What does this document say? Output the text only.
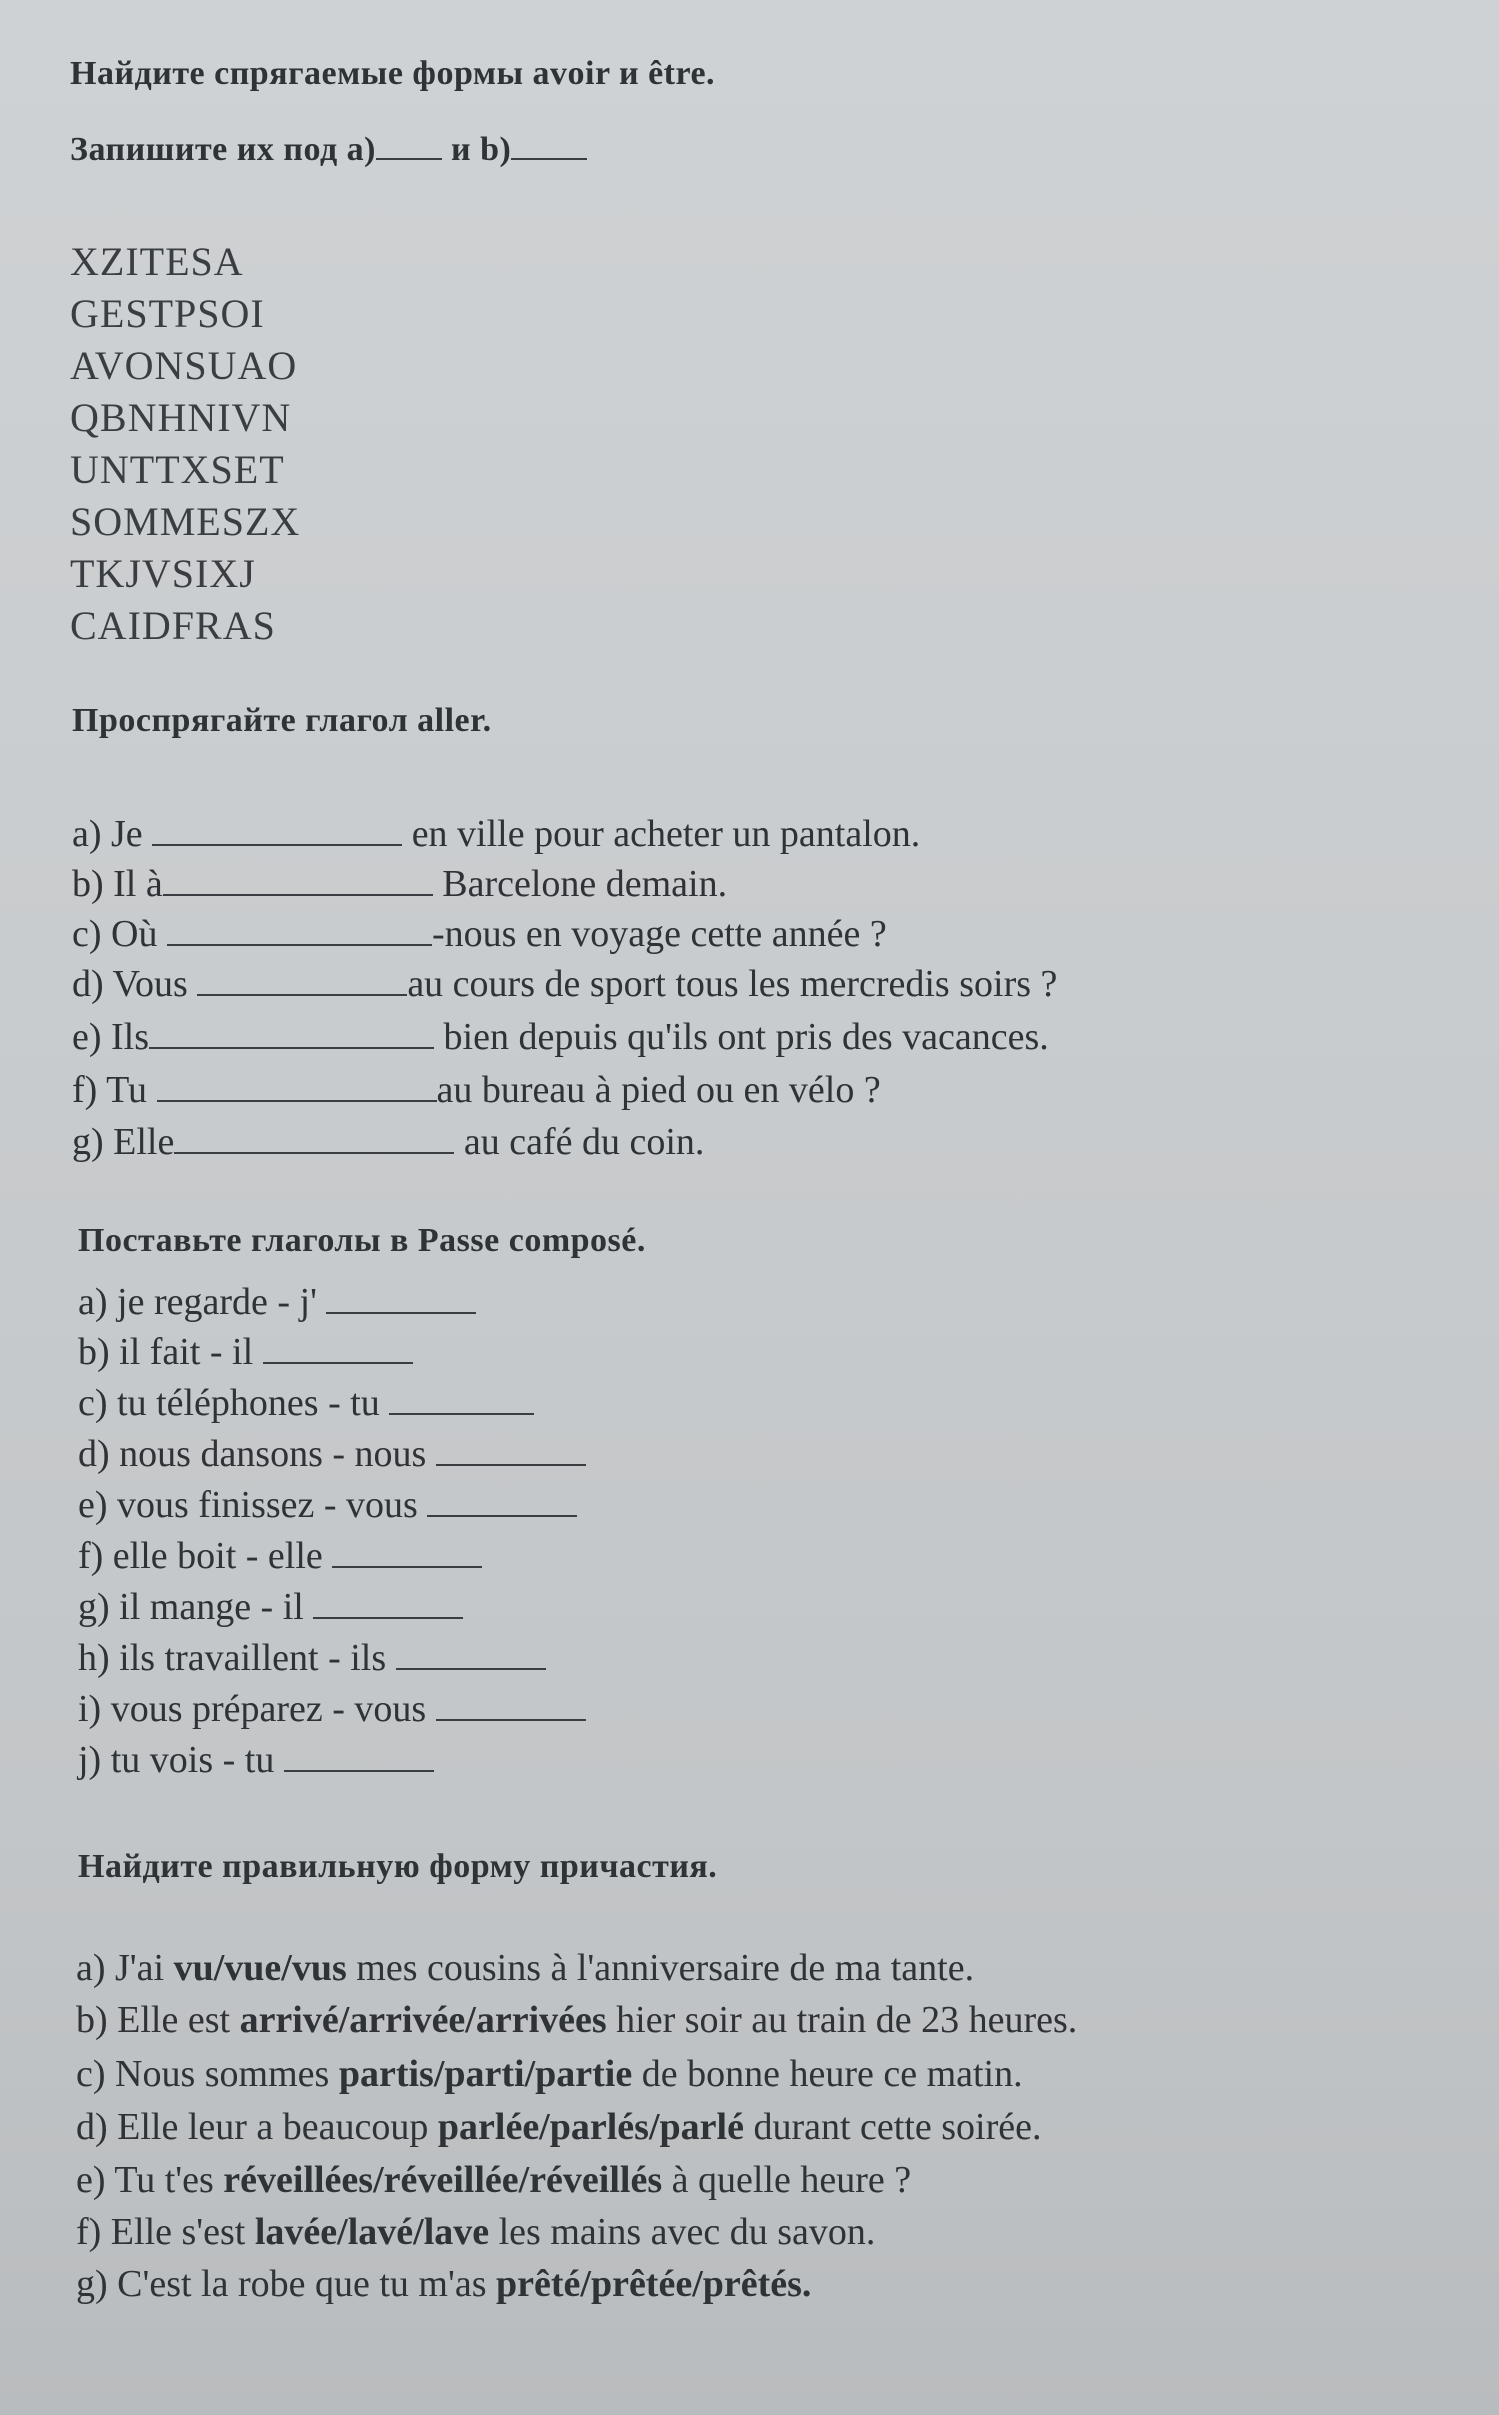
Найдите спрягаемые формы avoir и être.
Запишите их под а) и b)
XZITESA
GESTPSOI
AVONSUAO
QBNHNIVN
UNTTXSET
SOMMESZX
TKJVSIXJ
CAIDFRAS
Проспрягайте глагол aller.
a) Je	en ville pour acheter un pantalon.
b) Il à	Barcelone demain.
c) Où	-nous en voyage cette année ?
d) Vous	au cours de sport tous les mercredis soirs ?
e) Ils	bien depuis qu'ils ont pris des vacances.
f) Tu	au bureau à pied ou en vélo ?
g) Elle	au café du coin.
Поставьте глаголы в Passe composé.
a) je regarde - j'
b) il fait - il
c) tu téléphones - tu
d) nous dansons - nous
e) vous finissez - vous
f) elle boit - elle
g) il mange - il
h) ils travaillent - ils
i) vous préparez - vous
j) tu vois - tu
Найдите правильную форму причастия.
a) J'ai vu/vue/vus mes cousins à l'anniversaire de ma tante.
b) Elle est arrivé/arrivée/arrivées hier soir au train de 23 heures.
c) Nous sommes partis/parti/partie de bonne heure ce matin.
d) Elle leur a beaucoup parlée/parlés/parlé durant cette soirée.
e) Tu t'es réveillées/réveillée/réveillés à quelle heure ?
f) Elle s'est lavée/lavé/lave les mains avec du savon.
g) C'est la robe que tu m'as prêté/prêtée/prêtés.
